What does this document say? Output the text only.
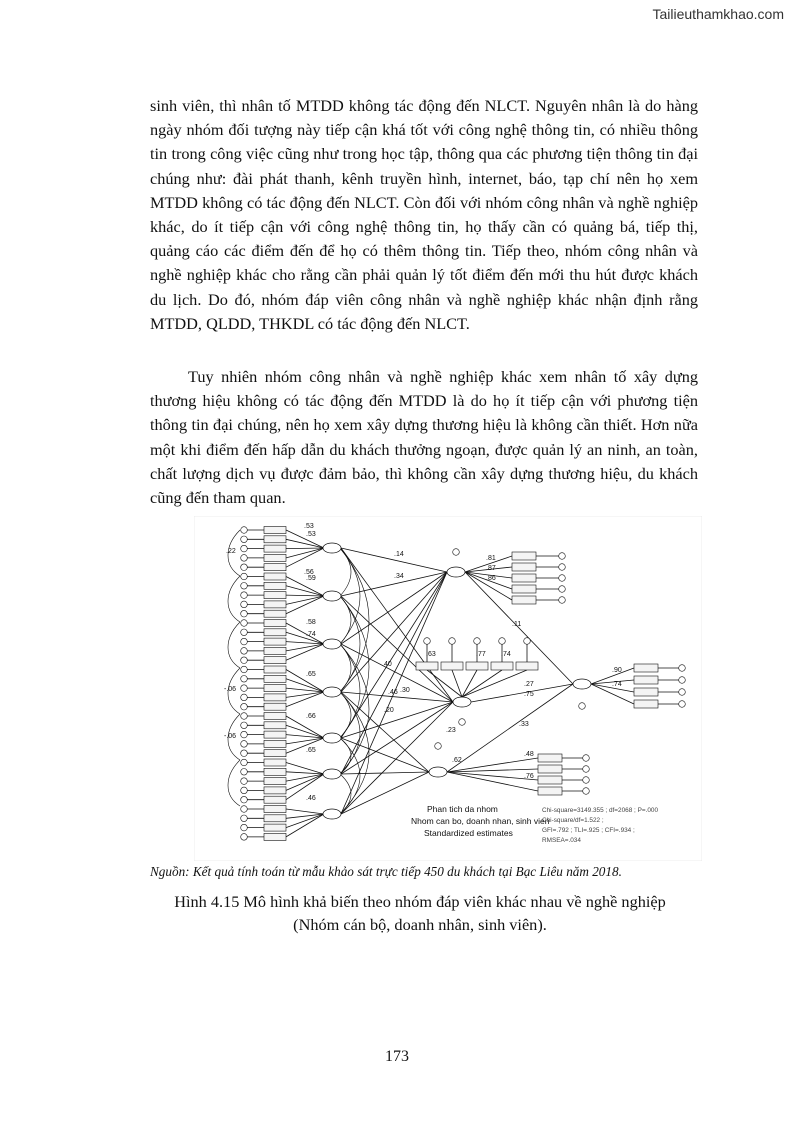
Tailieuthamkhao.com

sinh viên, thì nhân tố MTDD không tác động đến NLCT. Nguyên nhân là do hàng ngày nhóm đối tượng này tiếp cận khá tốt với công nghệ thông tin, có nhiều thông tin trong công việc cũng như trong học tập, thông qua các phương tiện thông tin đại chúng như: đài phát thanh, kênh truyền hình, internet, báo, tạp chí nên họ xem MTDD không có tác động đến NLCT. Còn đối với nhóm công nhân và nghề nghiệp khác, do ít tiếp cận với công nghệ thông tin, họ thấy cần có quảng bá, tiếp thị, quảng cáo các điểm đến để họ có thêm thông tin. Tiếp theo, nhóm công nhân và nghề nghiệp khác cho rằng cần phải quản lý tốt điểm đến mới thu hút được khách du lịch. Do đó, nhóm đáp viên công nhân và nghề nghiệp khác nhận định rằng MTDD, QLDD, THKDL có tác động đến NLCT.

Tuy nhiên nhóm công nhân và nghề nghiệp khác xem nhân tố xây dựng thương hiệu không có tác động đến MTDD là do họ ít tiếp cận với phương tiện thông tin đại chúng, nên họ xem xây dựng thương hiệu là không cần thiết. Hơn nữa một khi điểm đến hấp dẫn du khách thưởng ngoạn, được quản lý an ninh, an toàn, chất lượng dịch vụ được đảm bảo, thì không cần xây dựng thương hiệu, du khách cũng đến tham quan.

.14
.34
.53
.56
.27
.75
.23
.62
.11
.40
.46
.20
.33
.30
.22
-.06
-.06
.53
.59
.58
.74
.65
.66
.65
.46
.81
.87
.86
.63	.77 .74
.90
.74
.48
.76
Phan tich da nhom
Nhom can bo, doanh nhan, sinh vien
Standardized estimates
Chi-square=3149.355 ; df=2068 ; P=.000
Chi-square/df=1.522 ;
GFI=.792 ; TLI=.925 ; CFI=.934 ;
RMSEA=.034
Nguồn: Kết quả tính toán từ mẫu khảo sát trực tiếp 450 du khách tại Bạc Liêu năm 2018.
Hình 4.15 Mô hình khả biến theo nhóm đáp viên khác nhau về nghề nghiệp
(Nhóm cán bộ, doanh nhân, sinh viên).
173
